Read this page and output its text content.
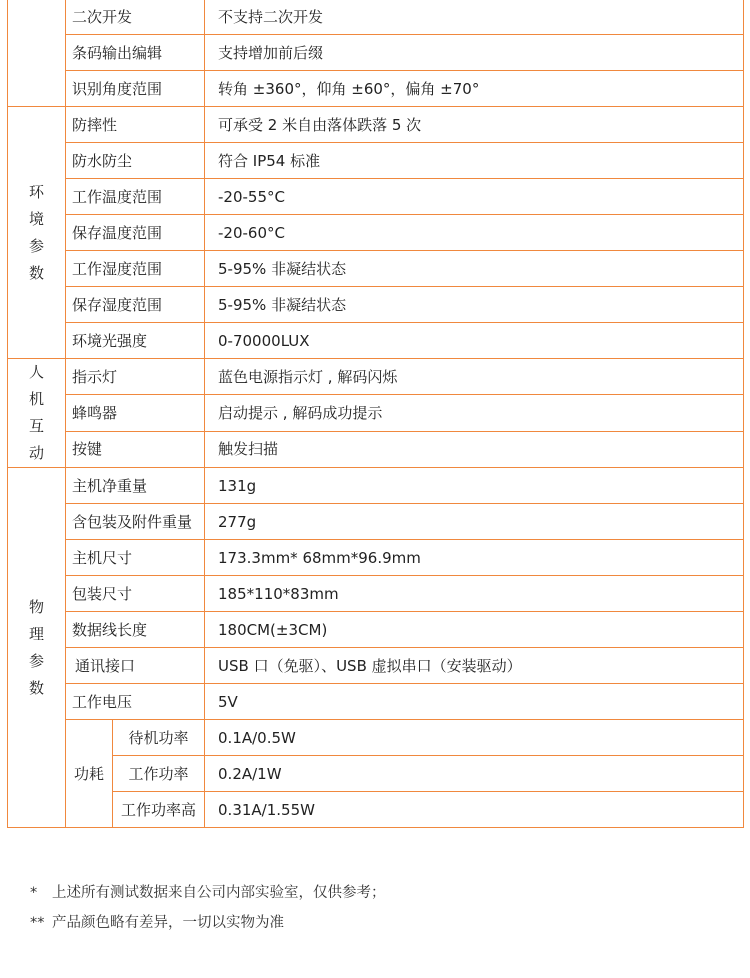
	二次开发		不支持二次开发
	条码输出编辑		支持增加前后缀
	识别角度范围		转角 ±360°，仰角 ±60°，偏角 ±70°
环境参数	防摔性		可承受 2 米自由落体跌落 5 次
	防水防尘		符合 IP54 标准
	工作温度范围		-20-55°C
	保存温度范围		-20-60°C
	工作湿度范围		5-95% 非凝结状态
	保存湿度范围		5-95% 非凝结状态
	环境光强度		0-70000LUX
人机互动	指示灯		蓝色电源指示灯 , 解码闪烁
	蜂鸣器		启动提示 , 解码成功提示
	按键		触发扫描
物理参数	主机净重量		131g
	含包装及附件重量		277g
	主机尺寸		173.3mm* 68mm*96.9mm
	包装尺寸		185*110*83mm
	数据线长度		180CM(±3CM)
	通讯接口		USB 口（免驱）、USB 虚拟串口（安装驱动）
	工作电压		5V
	功耗	待机功率	0.1A/0.5W
		工作功率	0.2A/1W
		工作功率高	0.31A/1.55W
* 上述所有测试数据来自公司内部实验室，仅供参考；
** 产品颜色略有差异，一切以实物为准
